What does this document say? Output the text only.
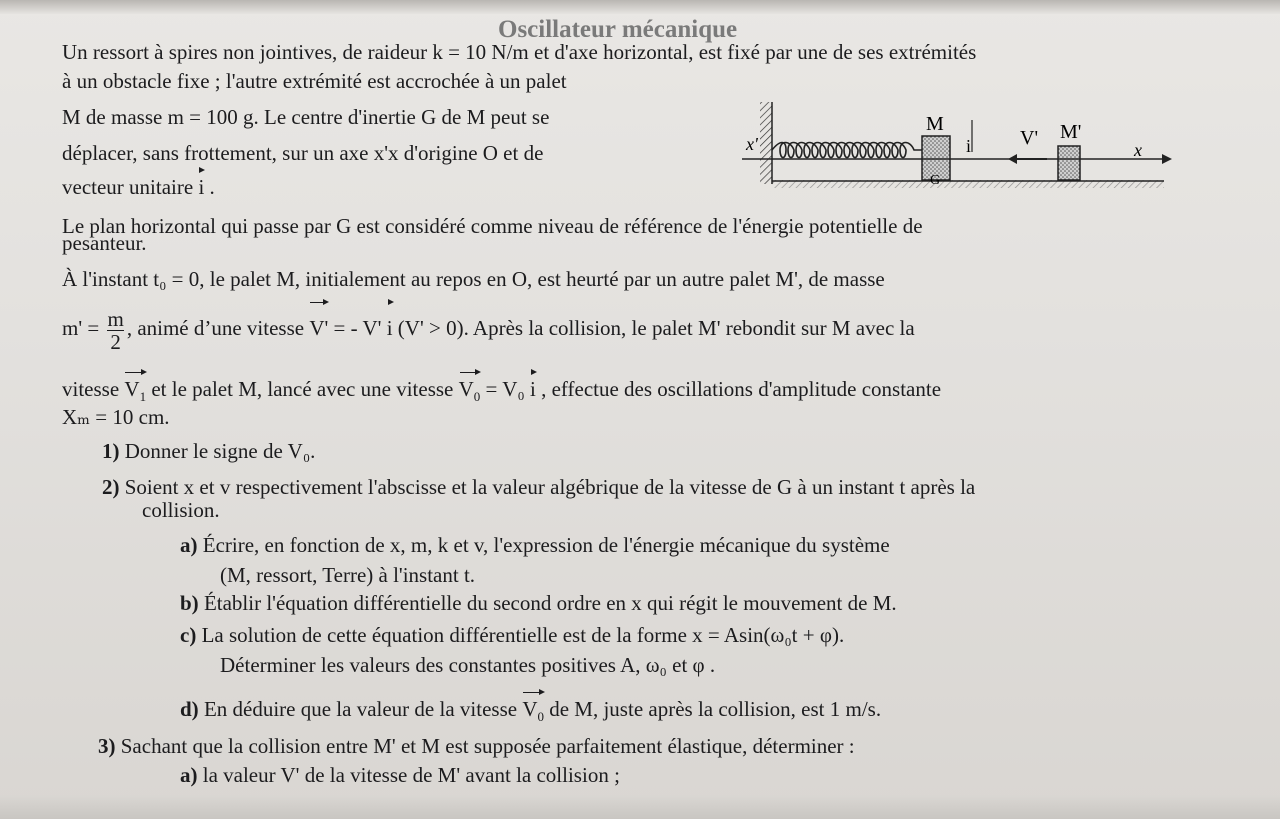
Oscillateur mécanique
Un ressort à spires non jointives, de raideur k = 10 N/m et d'axe horizontal, est fixé par une de ses extrémités
à un obstacle fixe ; l'autre extrémité est accrochée à un palet
M de masse m = 100 g. Le centre d'inertie G de M peut se
déplacer, sans frottement, sur un axe x'x d'origine O et de
vecteur unitaire i .
x'
M
G
i V' M'
x
Le plan horizontal qui passe par G est considéré comme niveau de référence de l'énergie potentielle de
pesanteur.
À l'instant t₀ = 0, le palet M, initialement au repos en O, est heurté par un autre palet M', de masse
$m' = \frac{m}{2}$ , animé d’une vitesse V' = - V' i (V' > 0). Après la collision, le palet M' rebondit sur M avec la
vitesse $V_1$ et le palet M, lancé avec une vitesse $V_0 = V_0$ i , effectue des oscillations d'amplitude constante
Xₘ = 10 cm.
1) Donner le signe de V₀.
2) Soient x et v respectivement l'abscisse et la valeur algébrique de la vitesse de G à un instant t après la
collision.
a) Écrire, en fonction de x, m, k et v, l'expression de l'énergie mécanique du système
(M, ressort, Terre) à l'instant t.
b) Établir l'équation différentielle du second ordre en x qui régit le mouvement de M.
c) La solution de cette équation différentielle est de la forme x = Asin(ω₀t + φ).
Déterminer les valeurs des constantes positives A, ω₀ et φ .
d) En déduire que la valeur de la vitesse $V_0$ de M, juste après la collision, est 1 m/s.
3) Sachant que la collision entre M' et M est supposée parfaitement élastique, déterminer :
a) la valeur V' de la vitesse de M' avant la collision ;
